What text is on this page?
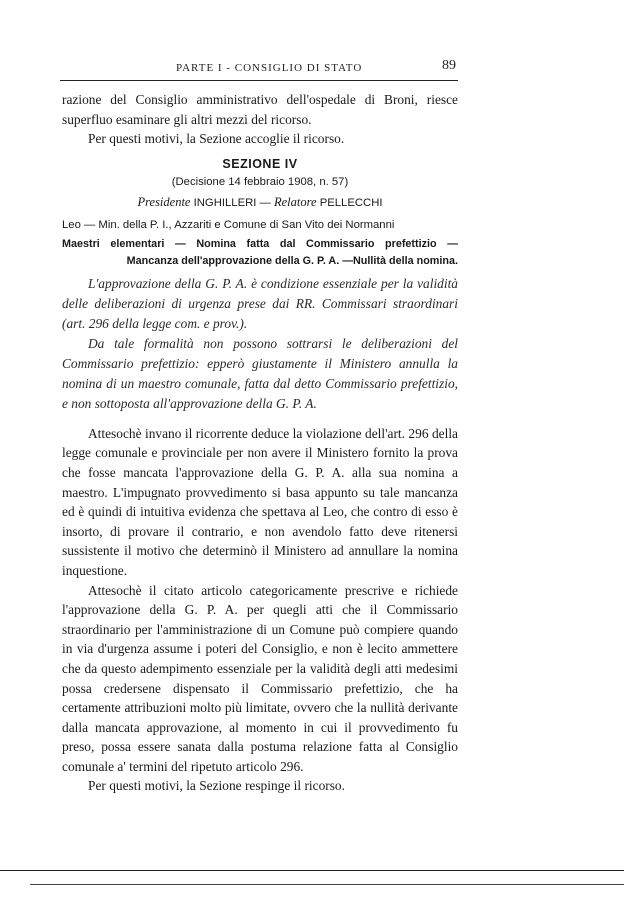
PARTE I - CONSIGLIO DI STATO	89

razione del Consiglio amministrativo dell'ospedale di Broni, riesce superfluo esaminare gli altri mezzi del ricorso.

Per questi motivi, la Sezione accoglie il ricorso.

SEZIONE IV

(Decisione 14 febbraio 1908, n. 57)

Presidente INGHILLERI — Relatore PELLECCHI

Leo — Min. della P. I., Azzariti e Comune di San Vito dei Normanni

Maestri elementari — Nomina fatta dal Commissario prefettizio —
Mancanza dell'approvazione della G. P. A. —Nullità della nomina.

L'approvazione della G. P. A. è condizione essenziale per la validità delle deliberazioni di urgenza prese dai RR. Commissari straordinari (art. 296 della legge com. e prov.).

Da tale formalità non possono sottrarsi le deliberazioni del Commissario prefettizio: epperò giustamente il Ministero annulla la nomina di un maestro comunale, fatta dal detto Commissario prefettizio, e non sottoposta all'approvazione della G. P. A.

Attesochè invano il ricorrente deduce la violazione dell'art. 296 della legge comunale e provinciale per non avere il Ministero fornito la prova che fosse mancata l'approvazione della G. P. A. alla sua nomina a maestro. L'impugnato provvedimento si basa appunto su tale mancanza ed è quindi di intuitiva evidenza che spettava al Leo, che contro di esso è insorto, di provare il contrario, e non avendolo fatto deve ritenersi sussistente il motivo che determinò il Ministero ad annullare la nomina inquestione.

Attesochè il citato articolo categoricamente prescrive e richiede l'approvazione della G. P. A. per quegli atti che il Commissario straordinario per l'amministrazione di un Comune può compiere quando in via d'urgenza assume i poteri del Consiglio, e non è lecito ammettere che da questo adempimento essenziale per la validità degli atti medesimi possa credersene dispensato il Commissario prefettizio, che ha certamente attribuzioni molto più limitate, ovvero che la nullità derivante dalla mancata approvazione, al momento in cui il provvedimento fu preso, possa essere sanata dalla postuma relazione fatta al Consiglio comunale a' termini del ripetuto articolo 296.

Per questi motivi, la Sezione respinge il ricorso.
